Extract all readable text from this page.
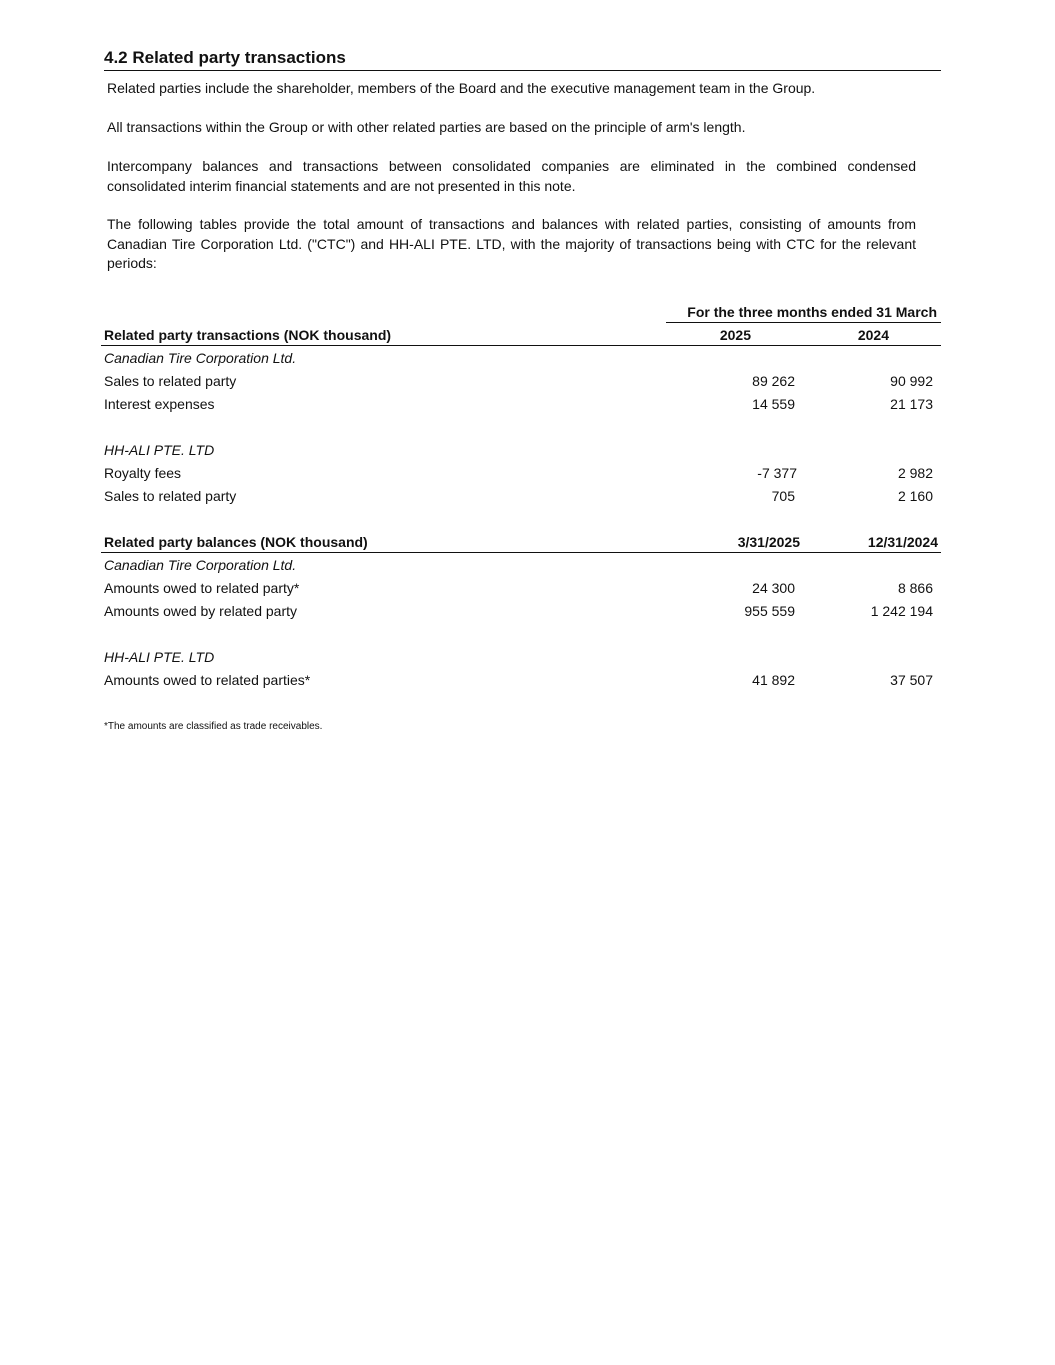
4.2 Related party transactions

Related parties include the shareholder, members of the Board and the executive management team in the Group.

All transactions within the Group or with other related parties are based on the principle of arm's length.

Intercompany balances and transactions between consolidated companies are eliminated in the combined condensed consolidated interim financial statements and are not presented in this note.

The following tables provide the total amount of transactions and balances with related parties, consisting of amounts from Canadian Tire Corporation Ltd. ("CTC") and HH-ALI PTE. LTD, with the majority of transactions being with CTC for the relevant periods:

For the three months ended 31 March
Related party transactions (NOK thousand)	2025	2024
Canadian Tire Corporation Ltd.
Sales to related party	89 262	90 992
Interest expenses	14 559	21 173
HH-ALI PTE. LTD
Royalty fees	-7 377	2 982
Sales to related party	705	2 160
Related party balances (NOK thousand)	3/31/2025	12/31/2024
Canadian Tire Corporation Ltd.
Amounts owed to related party*	24 300	8 866
Amounts owed by related party	955 559	1 242 194
HH-ALI PTE. LTD
Amounts owed to related parties*	41 892	37 507
*The amounts are classified as trade receivables.
